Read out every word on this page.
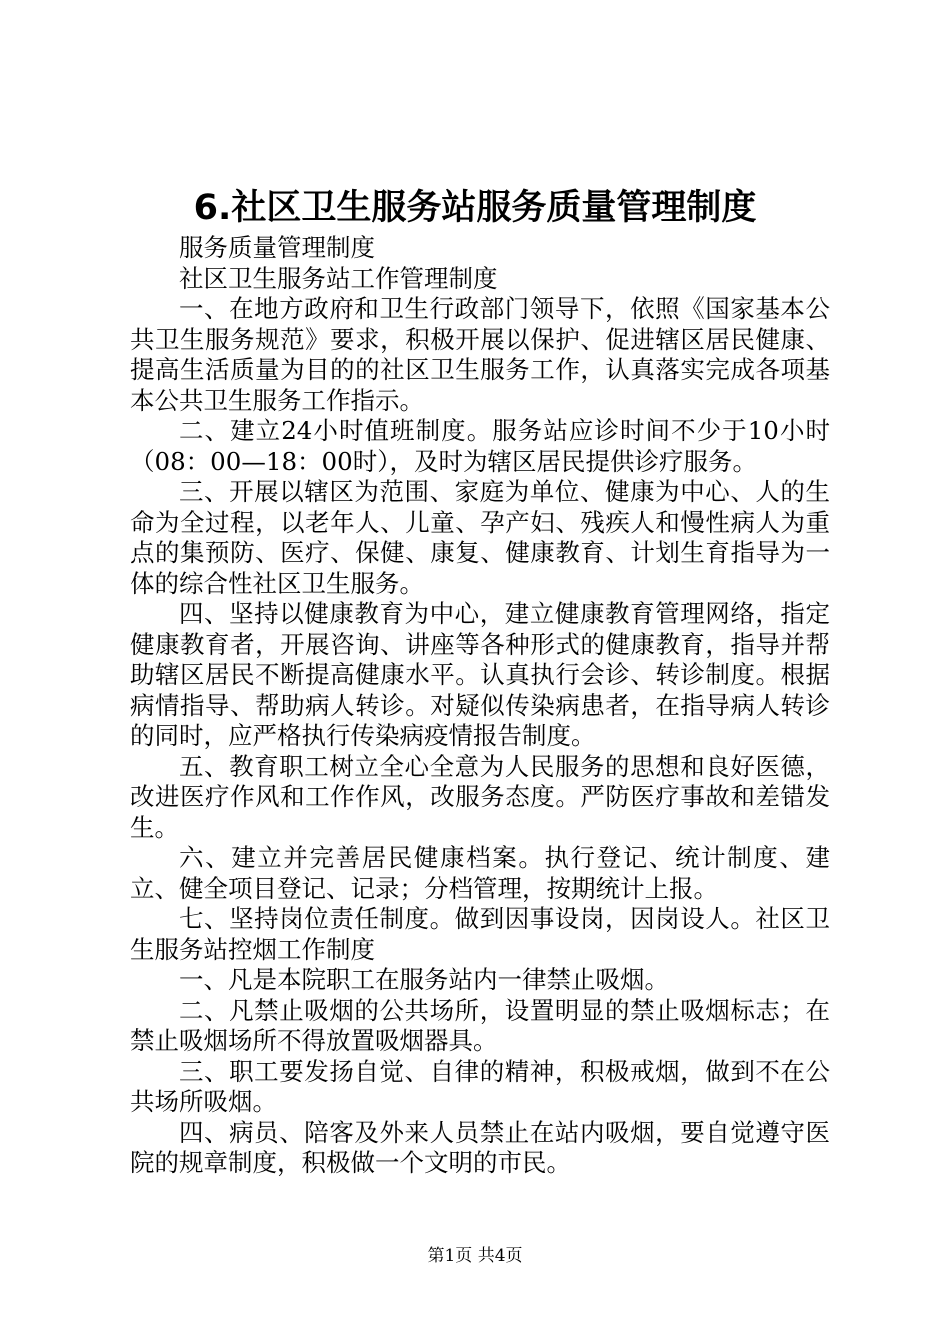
6.社区卫生服务站服务质量管理制度

服务质量管理制度

社区卫生服务站工作管理制度

一、在地方政府和卫生行政部门领导下，依照《国家基本公共卫生服务规范》要求，积极开展以保护、促进辖区居民健康、提高生活质量为目的的社区卫生服务工作，认真落实完成各项基本公共卫生服务工作指示。

二、建立24小时值班制度。服务站应诊时间不少于10小时（08：00—18：00时），及时为辖区居民提供诊疗服务。

三、开展以辖区为范围、家庭为单位、健康为中心、人的生命为全过程，以老年人、儿童、孕产妇、残疾人和慢性病人为重点的集预防、医疗、保健、康复、健康教育、计划生育指导为一体的综合性社区卫生服务。

四、坚持以健康教育为中心，建立健康教育管理网络，指定健康教育者，开展咨询、讲座等各种形式的健康教育，指导并帮助辖区居民不断提高健康水平。认真执行会诊、转诊制度。根据病情指导、帮助病人转诊。对疑似传染病患者，在指导病人转诊的同时，应严格执行传染病疫情报告制度。

五、教育职工树立全心全意为人民服务的思想和良好医德，改进医疗作风和工作作风，改服务态度。严防医疗事故和差错发生。

六、建立并完善居民健康档案。执行登记、统计制度、建立、健全项目登记、记录；分档管理，按期统计上报。

七、坚持岗位责任制度。做到因事设岗，因岗设人。社区卫生服务站控烟工作制度

一、凡是本院职工在服务站内一律禁止吸烟。

二、凡禁止吸烟的公共场所，设置明显的禁止吸烟标志；在禁止吸烟场所不得放置吸烟器具。

三、职工要发扬自觉、自律的精神，积极戒烟，做到不在公共场所吸烟。

四、病员、陪客及外来人员禁止在站内吸烟，要自觉遵守医院的规章制度，积极做一个文明的市民。

第1页 共4页
